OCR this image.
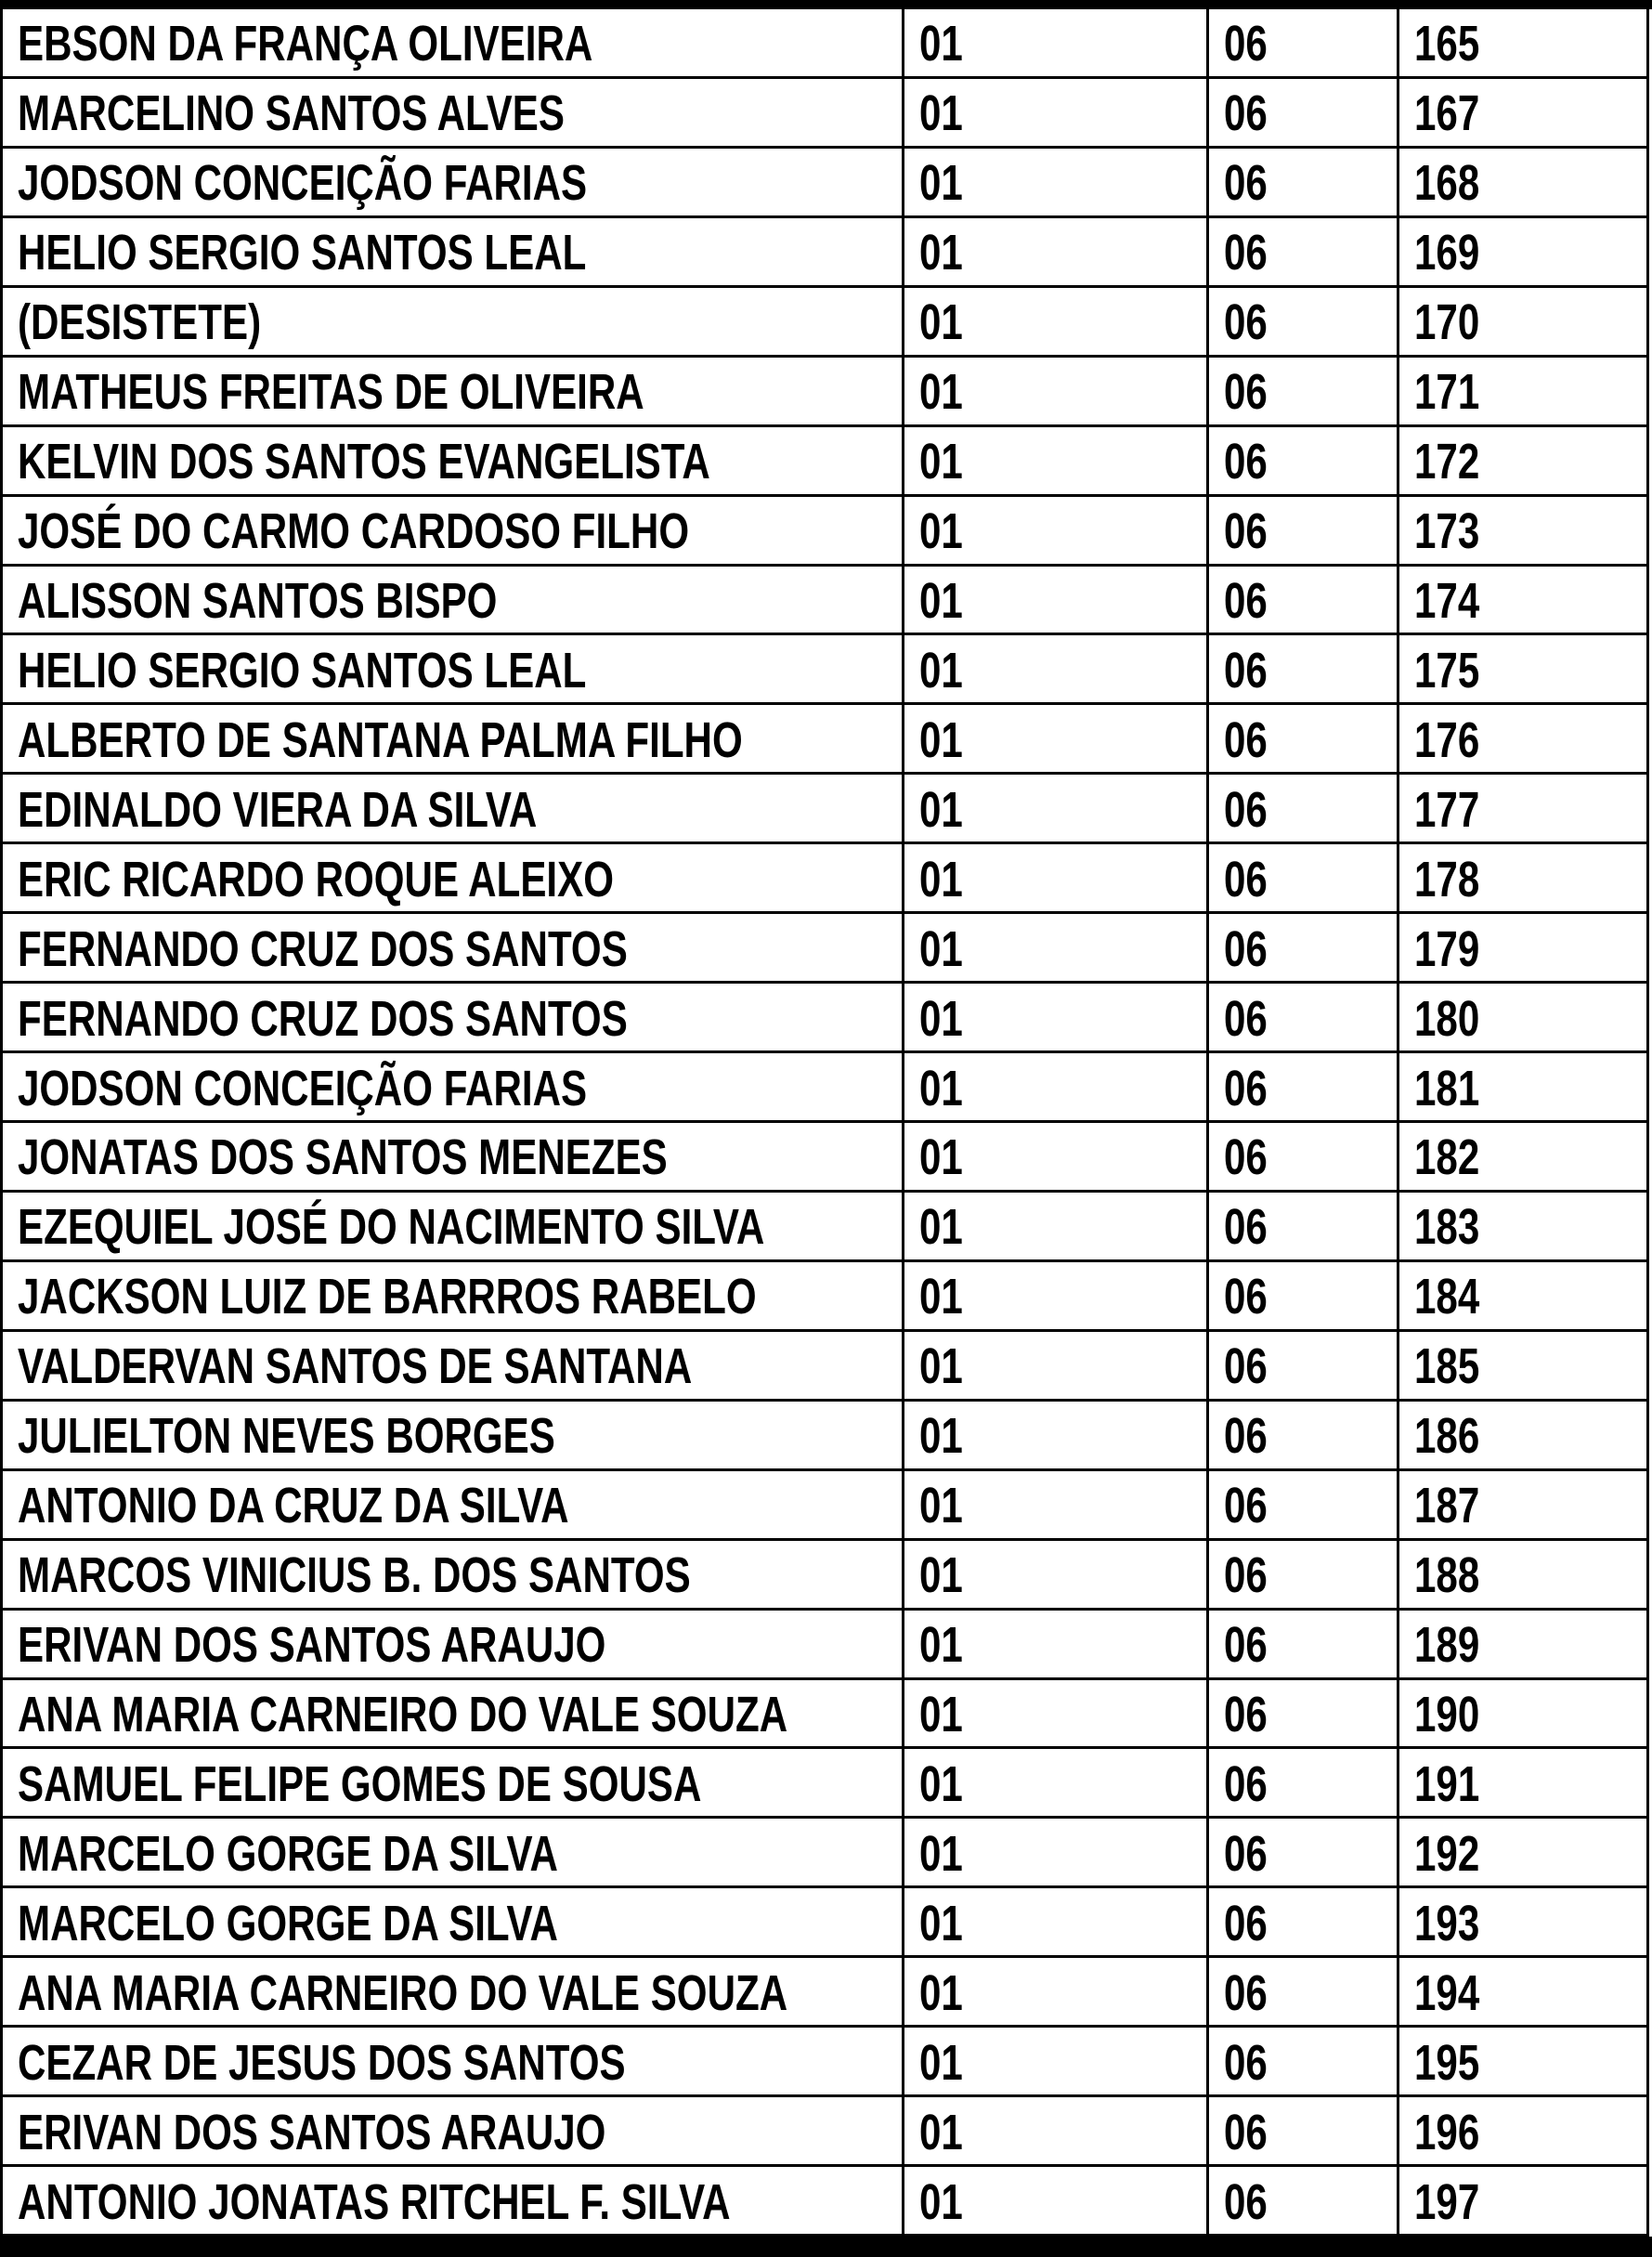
EBSON DA FRANÇA OLIVEIRA	01	06	165
MARCELINO SANTOS ALVES	01	06	167
JODSON CONCEIÇÃO FARIAS	01	06	168
HELIO SERGIO SANTOS LEAL	01	06	169
(DESISTETE)	01	06	170
MATHEUS FREITAS DE OLIVEIRA	01	06	171
KELVIN DOS SANTOS EVANGELISTA	01	06	172
JOSÉ DO CARMO CARDOSO FILHO	01	06	173
ALISSON SANTOS BISPO	01	06	174
HELIO SERGIO SANTOS LEAL	01	06	175
ALBERTO DE SANTANA PALMA FILHO	01	06	176
EDINALDO VIERA DA SILVA	01	06	177
ERIC RICARDO ROQUE ALEIXO	01	06	178
FERNANDO CRUZ DOS SANTOS	01	06	179
FERNANDO CRUZ DOS SANTOS	01	06	180
JODSON CONCEIÇÃO FARIAS	01	06	181
JONATAS DOS SANTOS MENEZES	01	06	182
EZEQUIEL JOSÉ DO NACIMENTO SILVA	01	06	183
JACKSON LUIZ DE BARRROS RABELO	01	06	184
VALDERVAN SANTOS DE SANTANA	01	06	185
JULIELTON NEVES BORGES	01	06	186
ANTONIO DA CRUZ DA SILVA	01	06	187
MARCOS VINICIUS B. DOS SANTOS	01	06	188
ERIVAN DOS SANTOS ARAUJO	01	06	189
ANA MARIA CARNEIRO DO VALE SOUZA	01	06	190
SAMUEL FELIPE GOMES DE SOUSA	01	06	191
MARCELO GORGE DA SILVA	01	06	192
MARCELO GORGE DA SILVA	01	06	193
ANA MARIA CARNEIRO DO VALE SOUZA	01	06	194
CEZAR DE JESUS DOS SANTOS	01	06	195
ERIVAN DOS SANTOS ARAUJO	01	06	196
ANTONIO JONATAS RITCHEL F. SILVA	01	06	197
